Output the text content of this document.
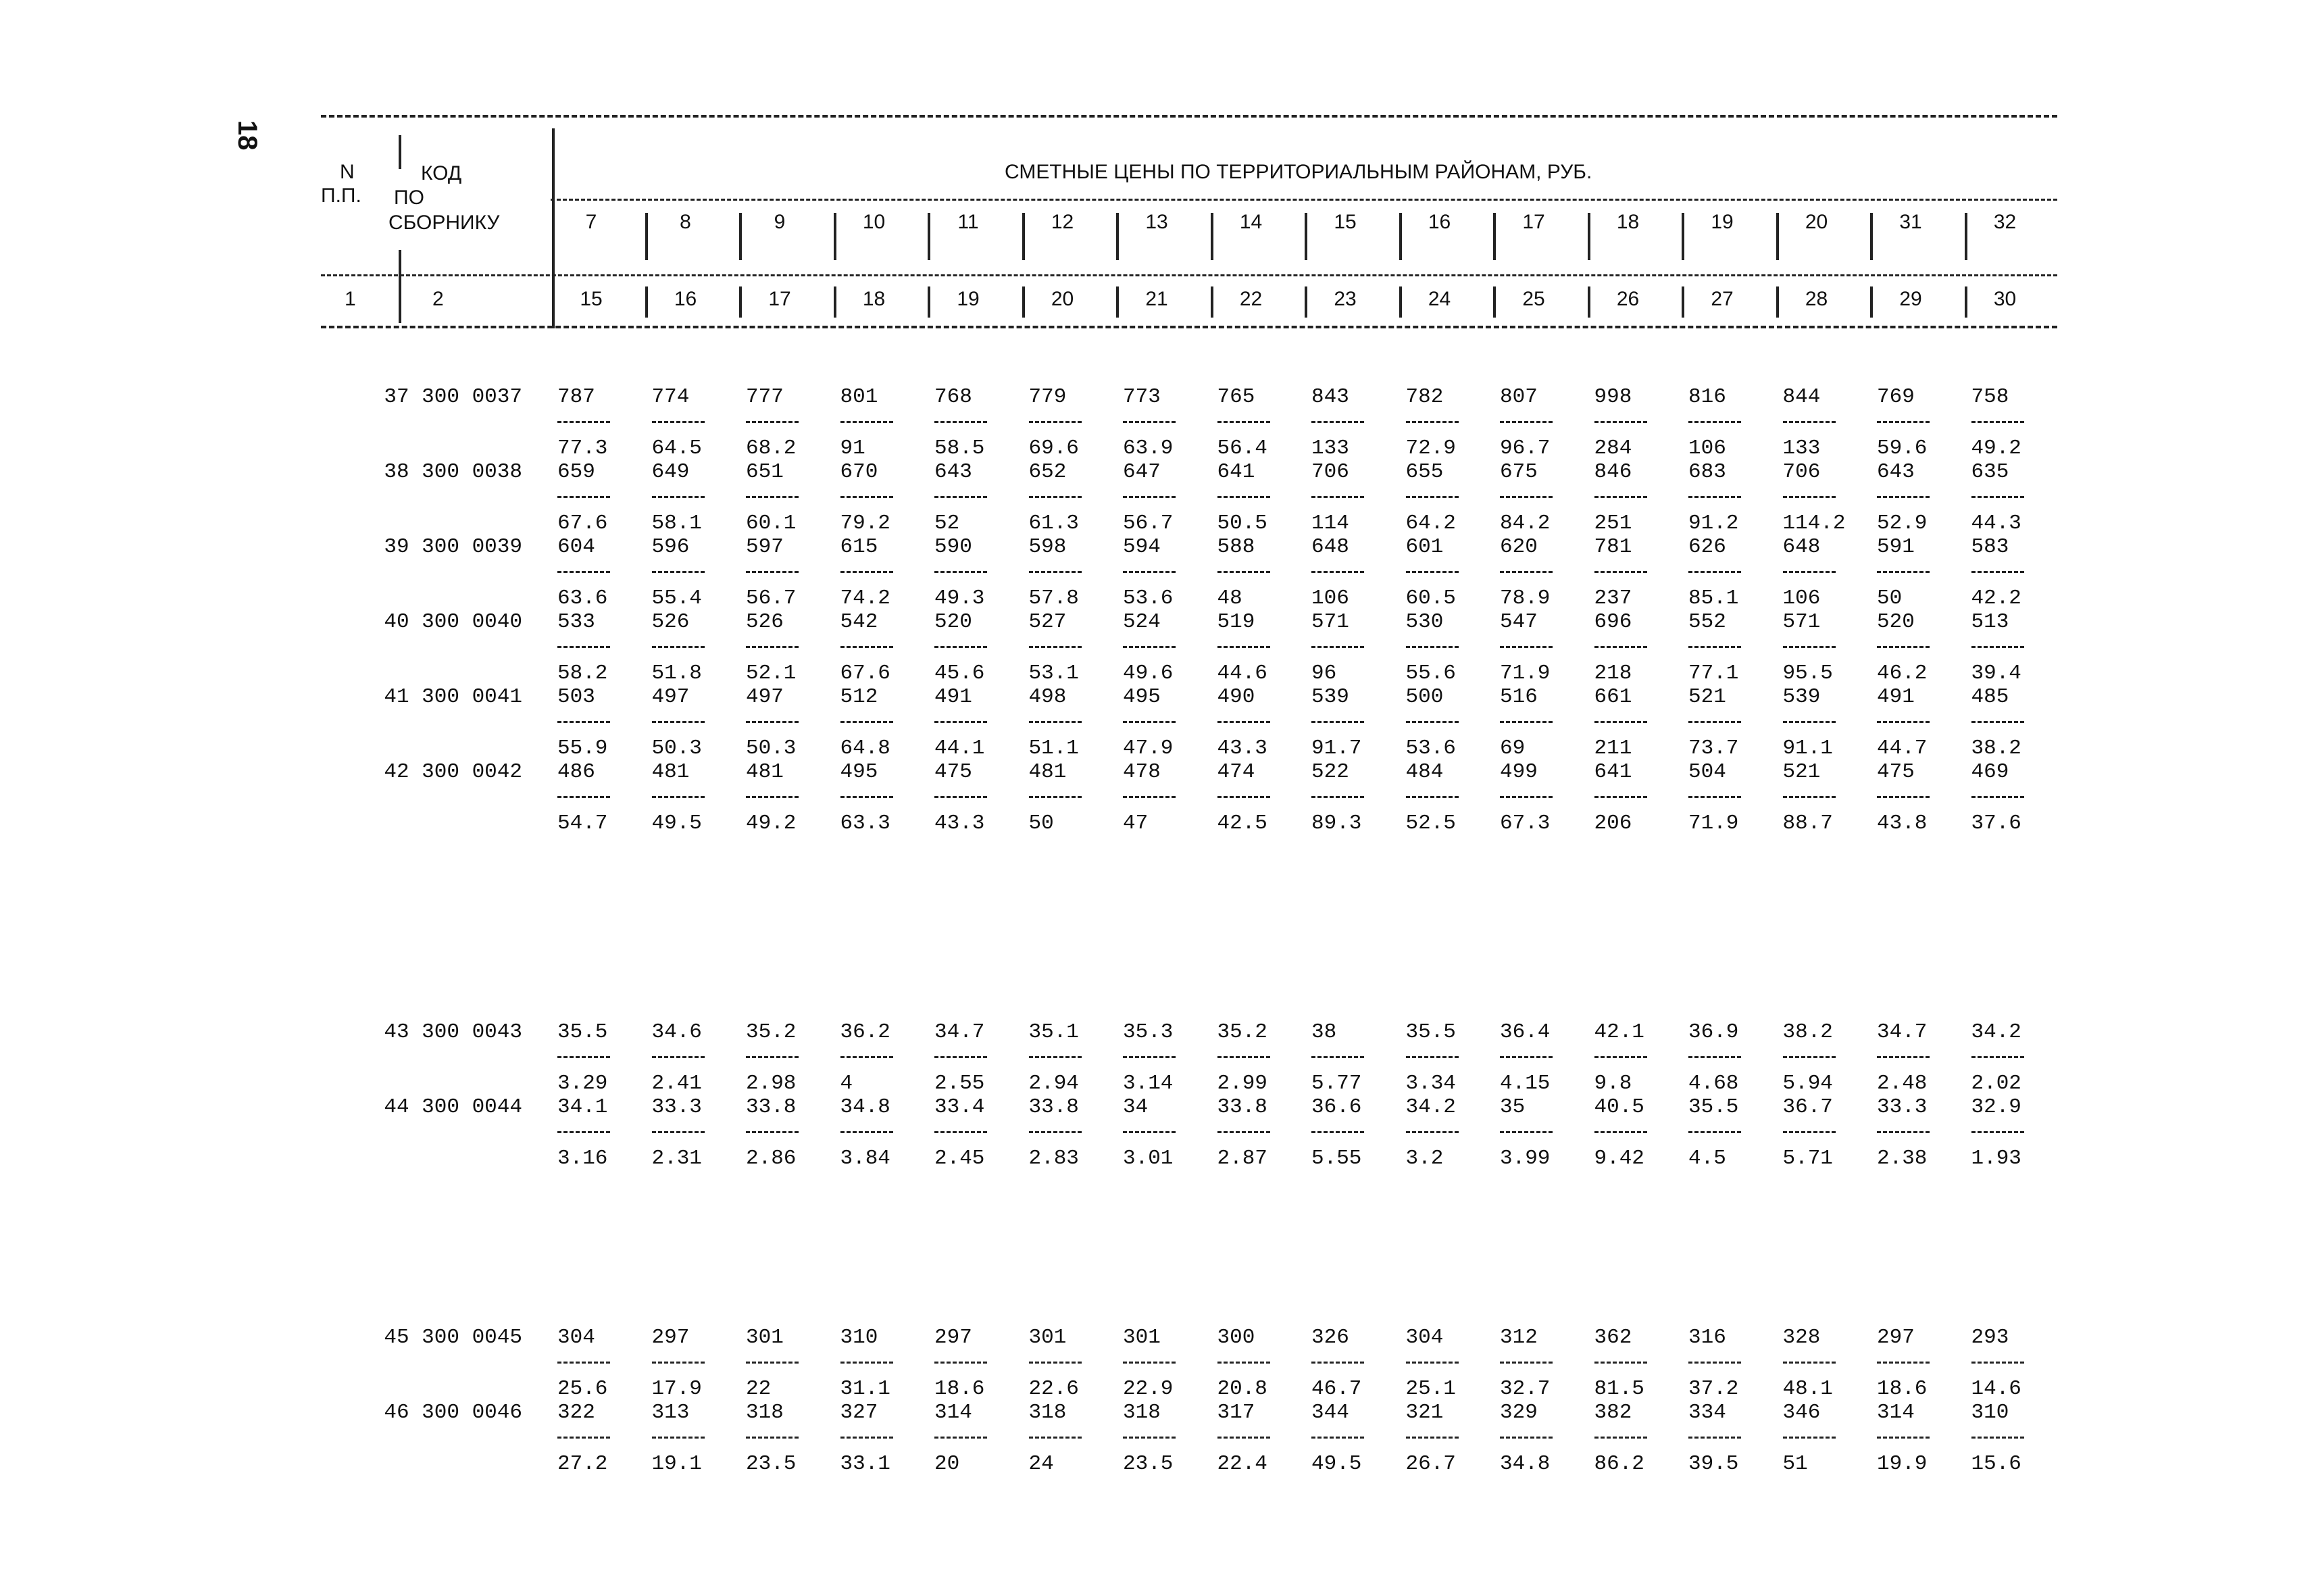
18
N
П.П.
КОД
ПО
СБОРНИКУ
СМЕТНЫЕ ЦЕНЫ ПО ТЕРРИТОРИАЛЬНЫМ РАЙОНАМ, РУБ.
1	2
7
15
8
16
9
17
10
18
11
19
12
20
13
21
14
22
15
23
16
24
17
25
18
26
19
27
20
28
31
29
32
30
37 300 0037 787
77.3
774
64.5
777
68.2
801
91
768
58.5
779
69.6
773
63.9
765
56.4
843
133
782
72.9
807
96.7
998
284
816
106
844
133
769
59.6
758
49.2
38 300 0038 659
67.6
649
58.1
651
60.1
670
79.2
643
52
652
61.3
647
56.7
641
50.5
706
114
655
64.2
675
84.2
846
251
683
91.2
706
114.2
643
52.9
635
44.3
39 300 0039 604
63.6
596
55.4
597
56.7
615
74.2
590
49.3
598
57.8
594
53.6
588
48
648
106
601
60.5
620
78.9
781
237
626
85.1
648
106
591
50
583
42.2
40 300 0040 533
58.2
526
51.8
526
52.1
542
67.6
520
45.6
527
53.1
524
49.6
519
44.6
571
96
530
55.6
547
71.9
696
218
552
77.1
571
95.5
520
46.2
513
39.4
41 300 0041 503
55.9
497
50.3
497
50.3
512
64.8
491
44.1
498
51.1
495
47.9
490
43.3
539
91.7
500
53.6
516
69
661
211
521
73.7
539
91.1
491
44.7
485
38.2
42 300 0042 486
54.7
481
49.5
481
49.2
495
63.3
475
43.3
481
50
478
47
474
42.5
522
89.3
484
52.5
499
67.3
641
206
504
71.9
521
88.7
475
43.8
469
37.6
43 300 0043 35.5
3.29
34.6
2.41
35.2
2.98
36.2
4
34.7
2.55
35.1
2.94
35.3
3.14
35.2
2.99
38
5.77
35.5
3.34
36.4
4.15
42.1
9.8
36.9
4.68
38.2
5.94
34.7
2.48
34.2
2.02
44 300 0044 34.1
3.16
33.3
2.31
33.8
2.86
34.8
3.84
33.4
2.45
33.8
2.83
34
3.01
33.8
2.87
36.6
5.55
34.2
3.2
35
3.99
40.5
9.42
35.5
4.5
36.7
5.71
33.3
2.38
32.9
1.93
45 300 0045 304
25.6
297
17.9
301
22
310
31.1
297
18.6
301
22.6
301
22.9
300
20.8
326
46.7
304
25.1
312
32.7
362
81.5
316
37.2
328
48.1
297
18.6
293
14.6
46 300 0046 322
27.2
313
19.1
318
23.5
327
33.1
314
20
318
24
318
23.5
317
22.4
344
49.5
321
26.7
329
34.8
382
86.2
334
39.5
346
51
314
19.9
310
15.6
